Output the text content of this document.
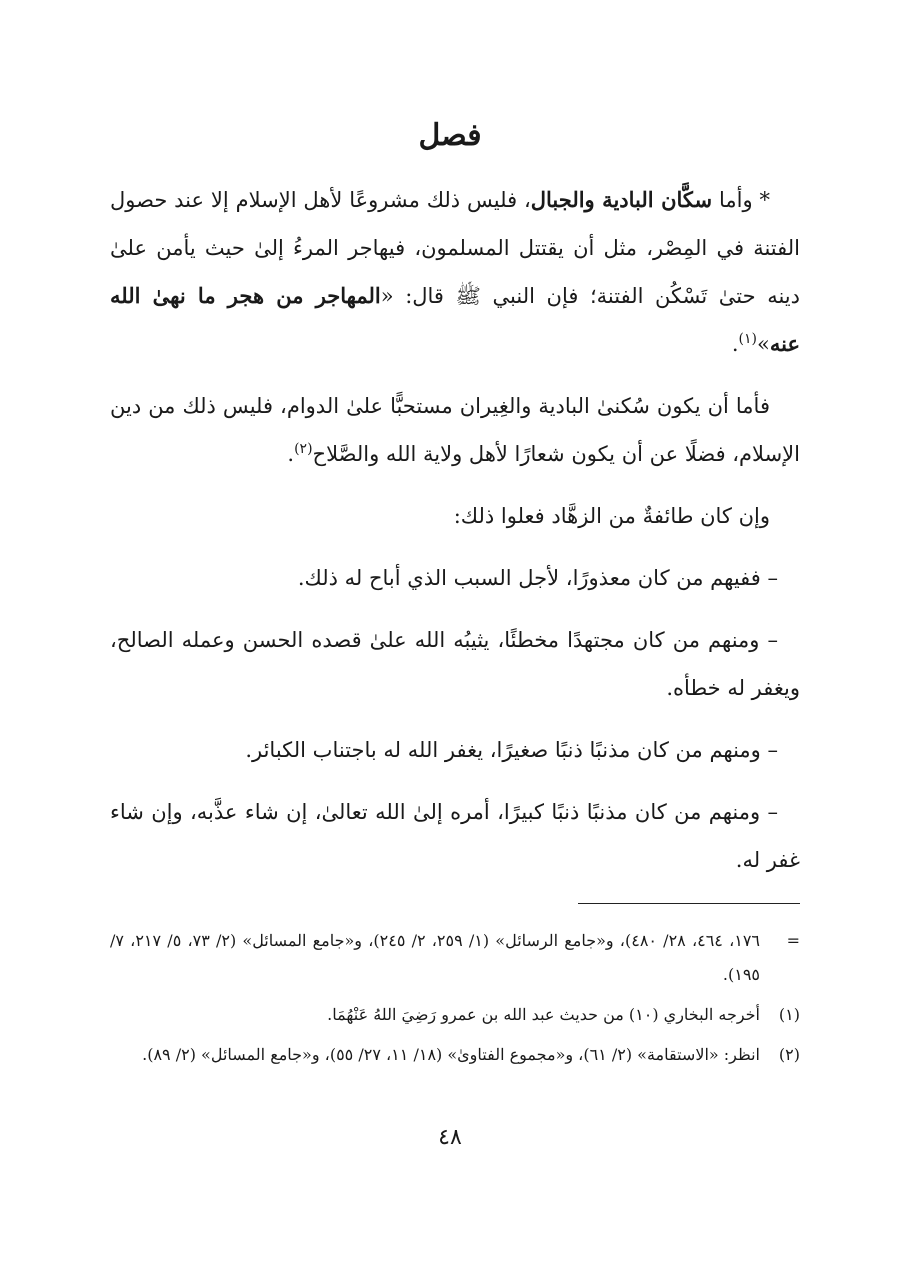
فصل

* وأما سكَّان البادية والجبال، فليس ذلك مشروعًا لأهل الإسلام إلا عند حصول الفتنة في المِصْر، مثل أن يقتتل المسلمون، فيهاجر المرءُ إلىٰ حيث يأمن علىٰ دينه حتىٰ تَسْكُن الفتنة؛ فإن النبي ﷺ قال: «المهاجر من هجر ما نهىٰ الله عنه»$^{(١)}$.

فأما أن يكون سُكنىٰ البادية والغِيران مستحبًّا علىٰ الدوام، فليس ذلك من دين الإسلام، فضلًا عن أن يكون شعارًا لأهل ولاية الله والصَّلاح$^{(٢)}$.

وإن كان طائفةٌ من الزهَّاد فعلوا ذلك:

– ففيهم من كان معذورًا، لأجل السبب الذي أباح له ذلك.

– ومنهم من كان مجتهدًا مخطئًا، يثيبُه الله علىٰ قصده الحسن وعمله الصالح، ويغفر له خطأه.

– ومنهم من كان مذنبًا ذنبًا صغيرًا، يغفر الله له باجتناب الكبائر.

– ومنهم من كان مذنبًا ذنبًا كبيرًا، أمره إلىٰ الله تعالىٰ، إن شاء عذَّبه، وإن شاء غفر له.

=
١٧٦، ٤٦٤، ٢٨/ ٤٨٠)، و«جامع الرسائل» (١/ ٢٥٩، ٢/ ٢٤٥)، و«جامع المسائل» (٢/ ٧٣، ٥/ ٢١٧، ٧/ ١٩٥).
(١)
أخرجه البخاري (١٠) من حديث عبد الله بن عمرو رَضِيَ اللهُ عَنْهُمَا.
(٢)
انظر: «الاستقامة» (٢/ ٦١)، و«مجموع الفتاوىٰ» (١٨/ ١١، ٢٧/ ٥٥)، و«جامع المسائل» (٢/ ٨٩).
٤٨
